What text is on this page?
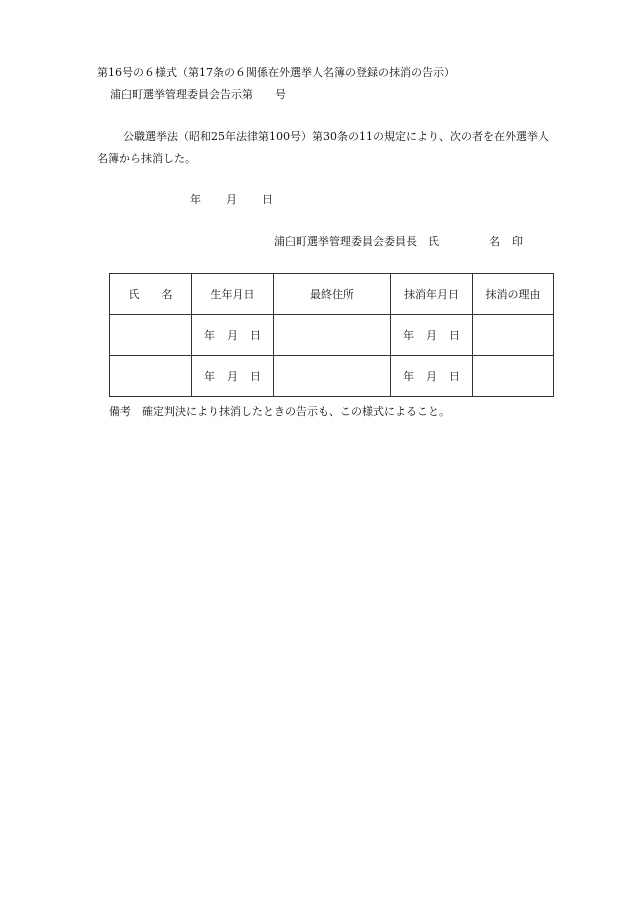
第16号の６様式（第17条の６関係在外選挙人名簿の登録の抹消の告示）
浦臼町選挙管理委員会告示第 号
公職選挙法（昭和25年法律第100号）第30条の11の規定により、次の者を在外選挙人
名簿から抹消した。
年 月 日
浦臼町選挙管理委員会委員長　氏	名 印
氏 名	生年月日	最終住所	抹消年月日	抹消の理由
	年 月 日		年 月 日	
	年 月 日		年 月 日	
備考 確定判決により抹消したときの告示も、この様式によること。
